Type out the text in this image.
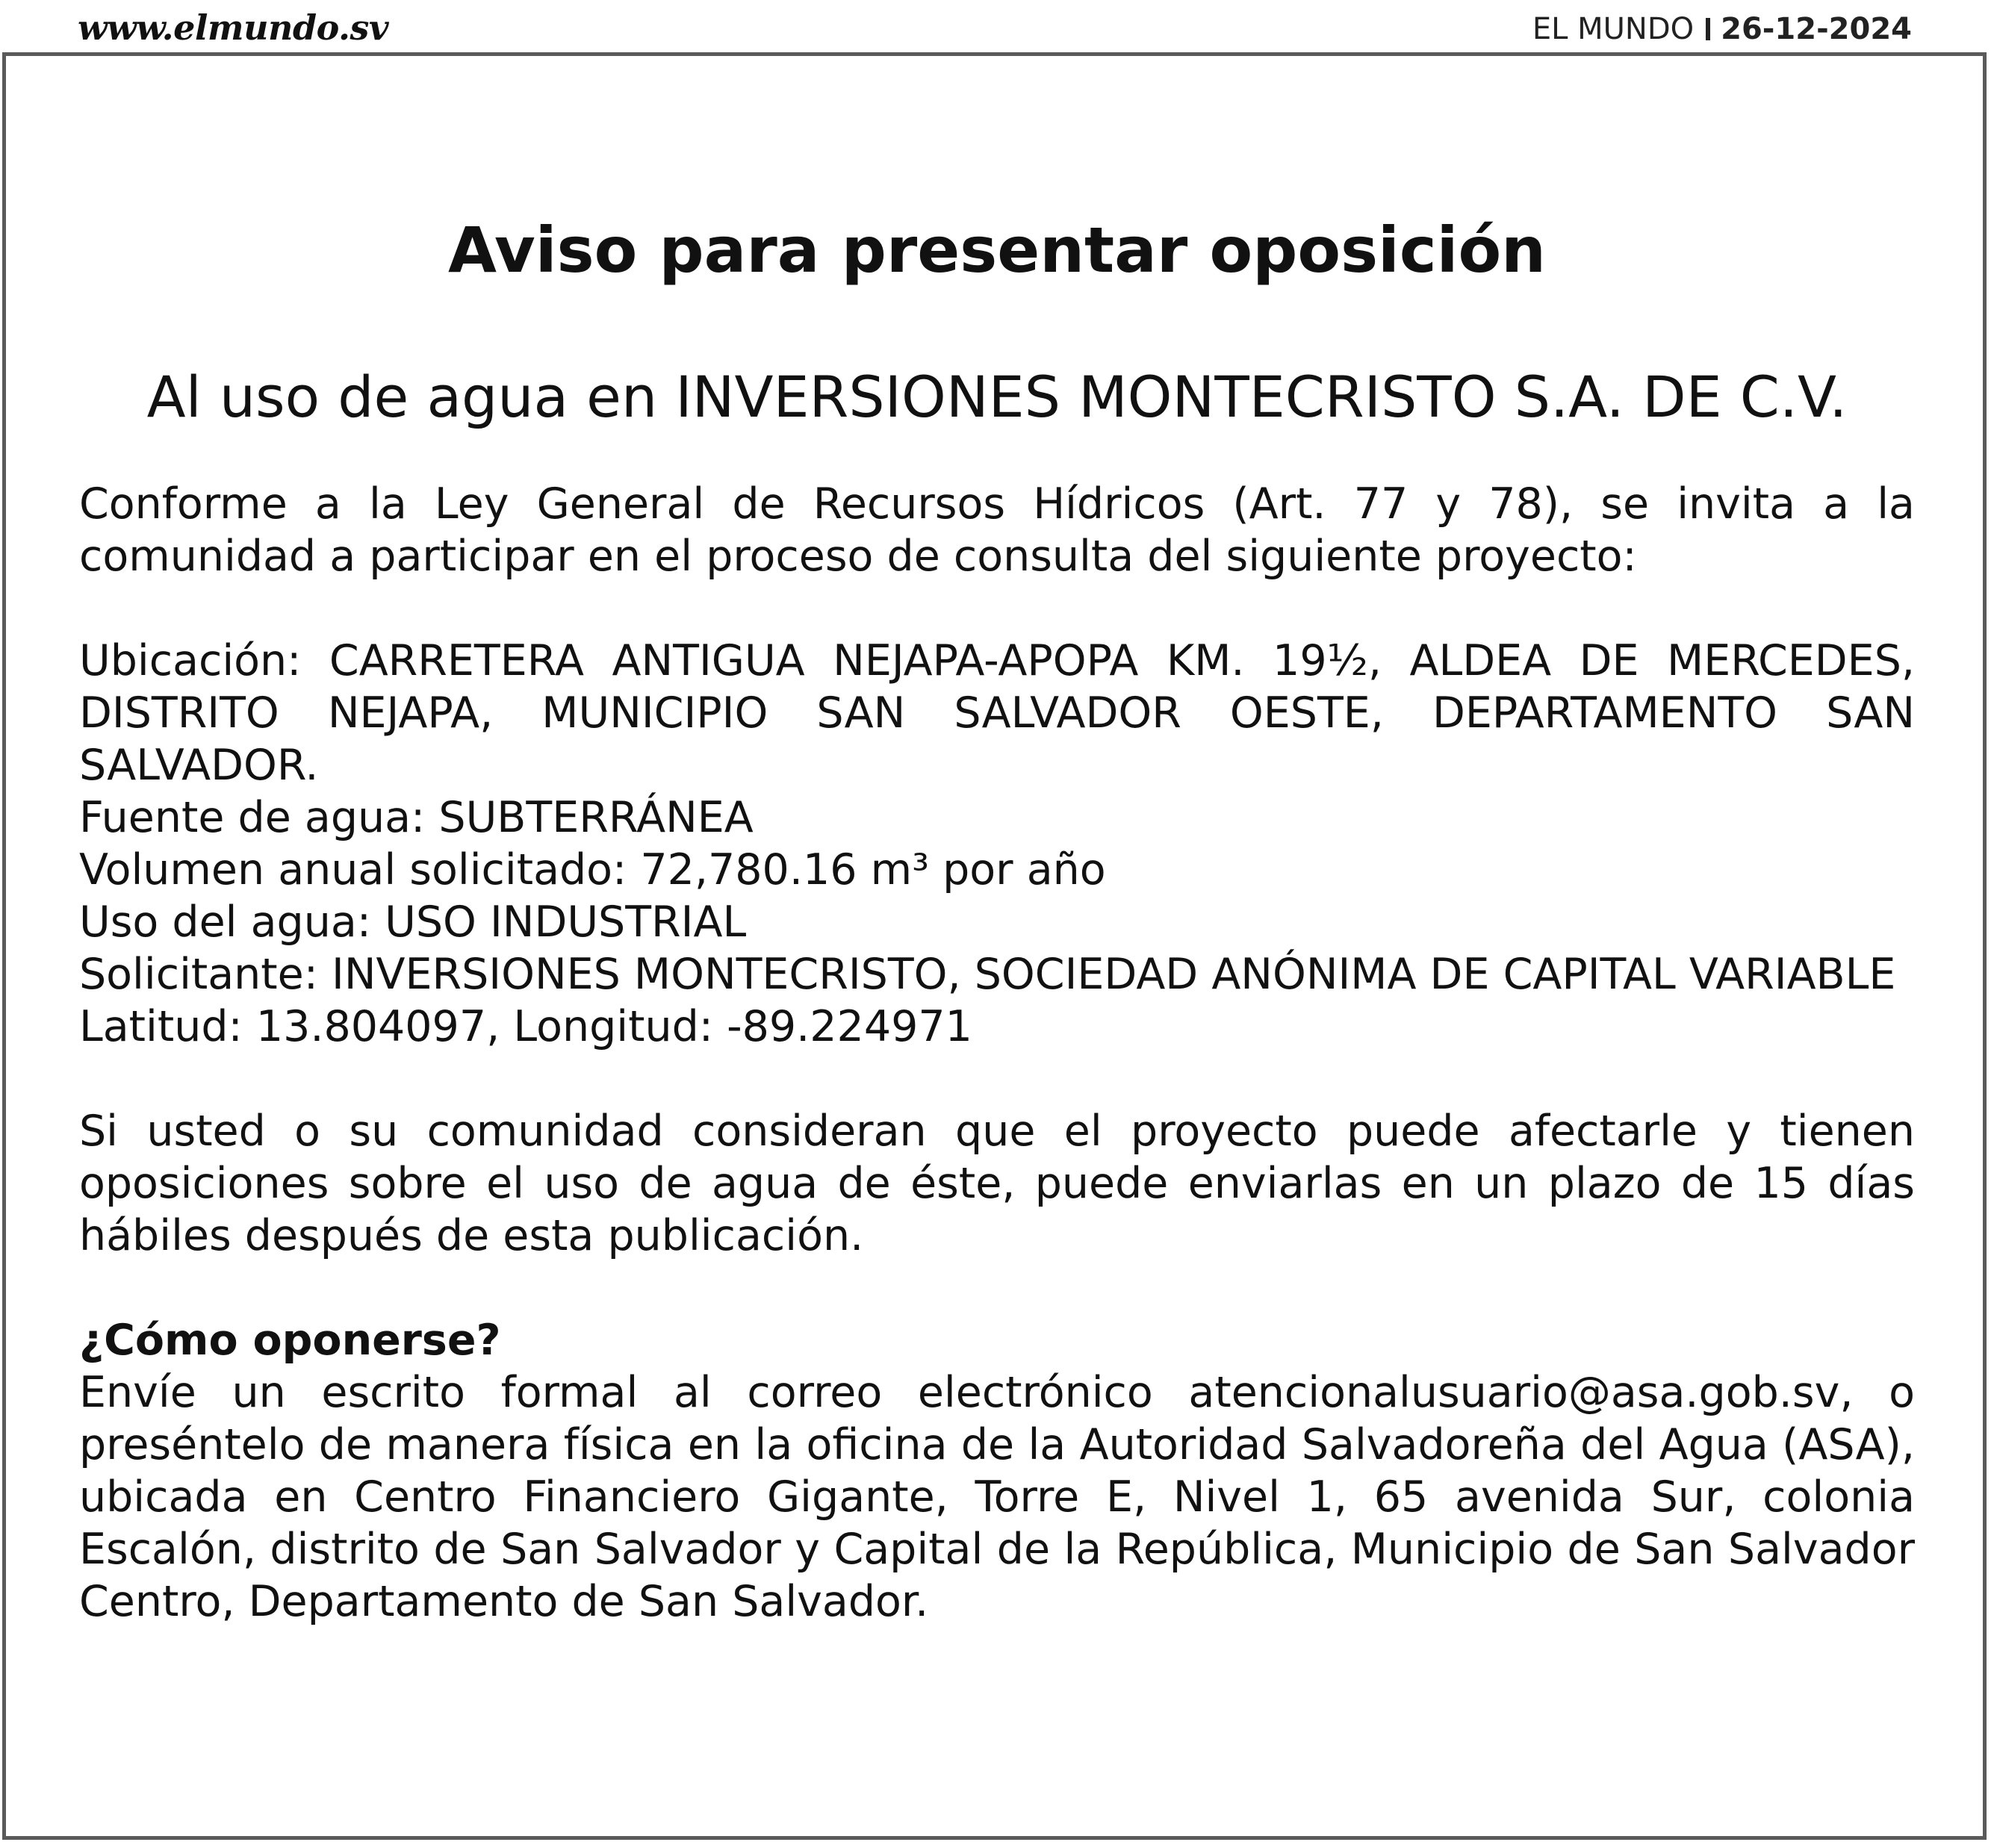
www.elmundo.sv	EL MUNDO 26-12-2024
Aviso para presentar oposición
Al uso de agua en INVERSIONES MONTECRISTO S.A. DE C.V.

Conforme a la Ley General de Recursos Hídricos (Art. 77 y 78), se invita a la comunidad a participar en el proceso de consulta del siguiente proyecto:

Ubicación: CARRETERA ANTIGUA NEJAPA-APOPA KM. 19½, ALDEA DE MERCEDES, DISTRITO NEJAPA, MUNICIPIO SAN SALVADOR OESTE, DEPARTAMENTO SAN SALVADOR.

Fuente de agua: SUBTERRÁNEA

Volumen anual solicitado: 72,780.16 m³ por año

Uso del agua: USO INDUSTRIAL

Solicitante: INVERSIONES MONTECRISTO, SOCIEDAD ANÓNIMA DE CAPITAL VARIABLE

Latitud: 13.804097, Longitud: -89.224971

Si usted o su comunidad consideran que el proyecto puede afectarle y tienen oposiciones sobre el uso de agua de éste, puede enviarlas en un plazo de 15 días hábiles después de esta publicación.

¿Cómo oponerse?

Envíe un escrito formal al correo electrónico atencionalusuario@asa.gob.sv, o preséntelo de manera física en la oficina de la Autoridad Salvadoreña del Agua (ASA), ubicada en Centro Financiero Gigante, Torre E, Nivel 1, 65 avenida Sur, colonia Escalón, distrito de San Salvador y Capital de la República, Municipio de San Salvador Centro, Departamento de San Salvador.
